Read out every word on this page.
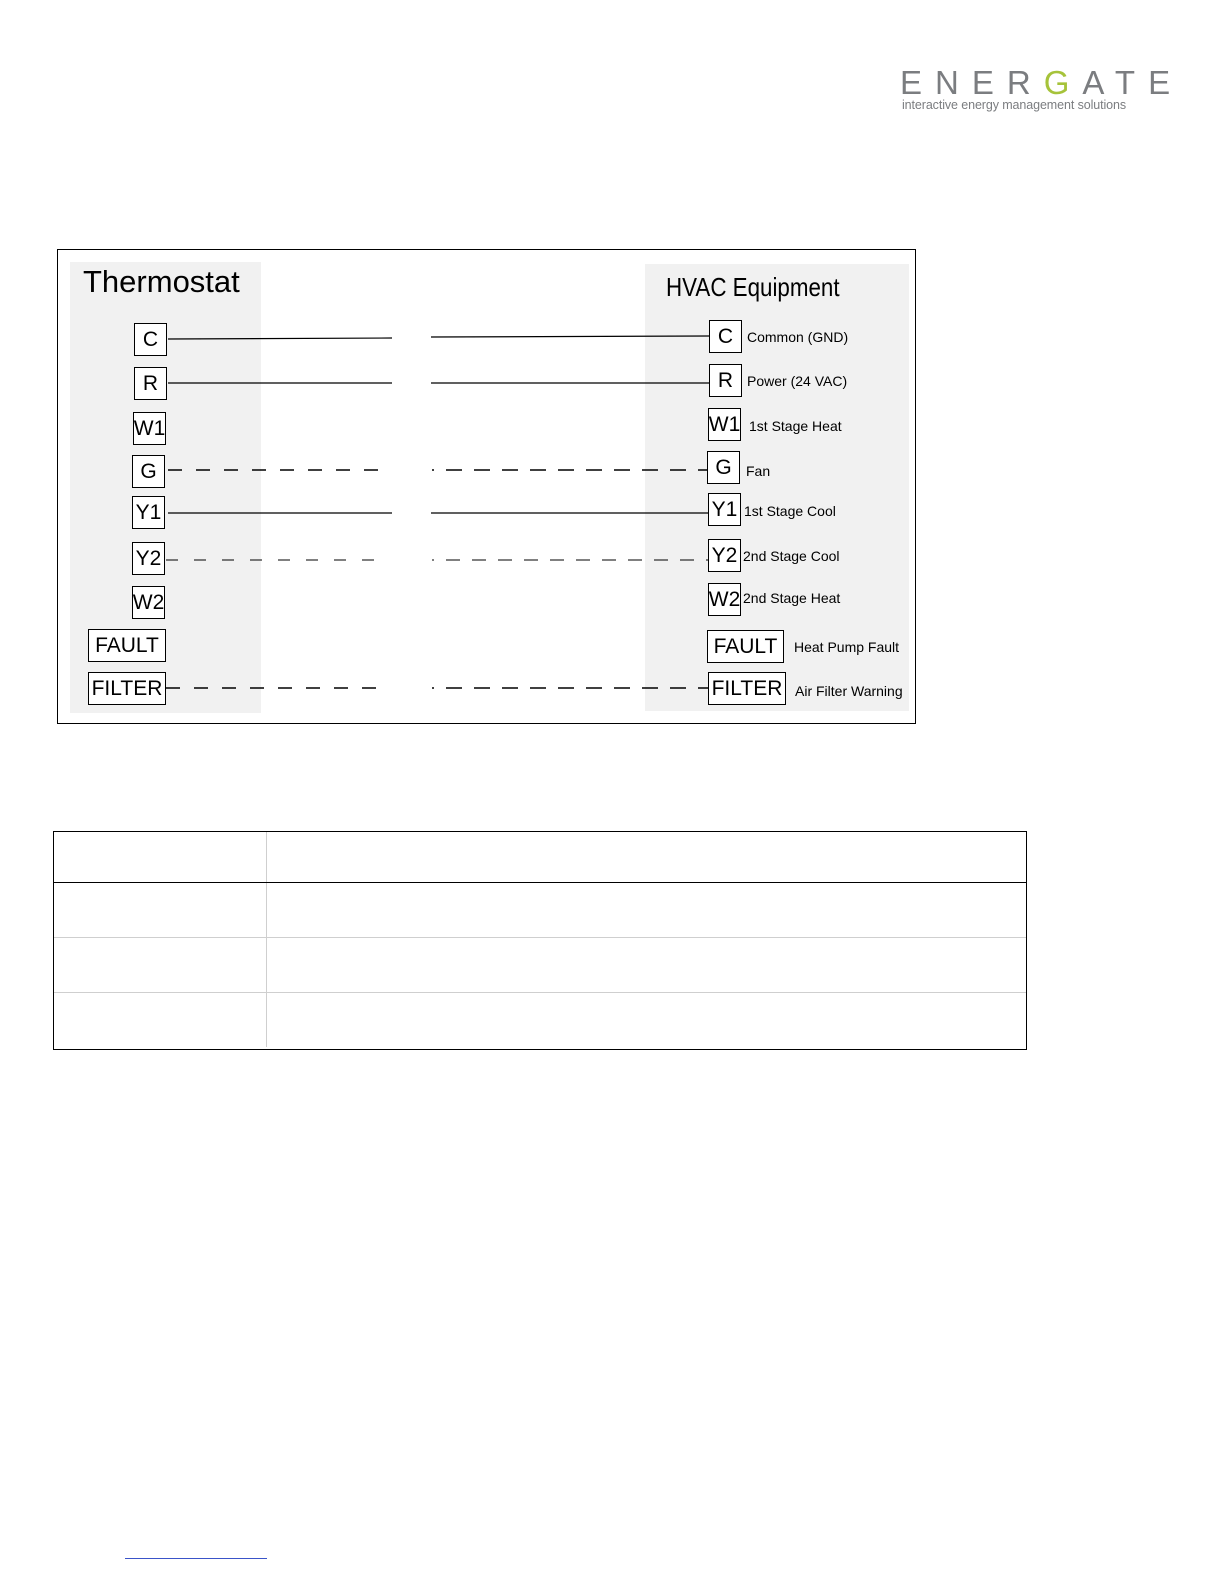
ENERGATE
interactive energy management solutions
Thermostat	HVAC Equipment
C
R
W1
G
Y1
Y2
W2
FAULT
FILTER
C
R
W1
G
Y1
Y2
W2
FAULT
FILTER
Common (GND)
Power (24 VAC)
1st Stage Heat
Fan
1st Stage Cool
2nd Stage Cool
2nd Stage Heat
Heat Pump Fault
Air Filter Warning
